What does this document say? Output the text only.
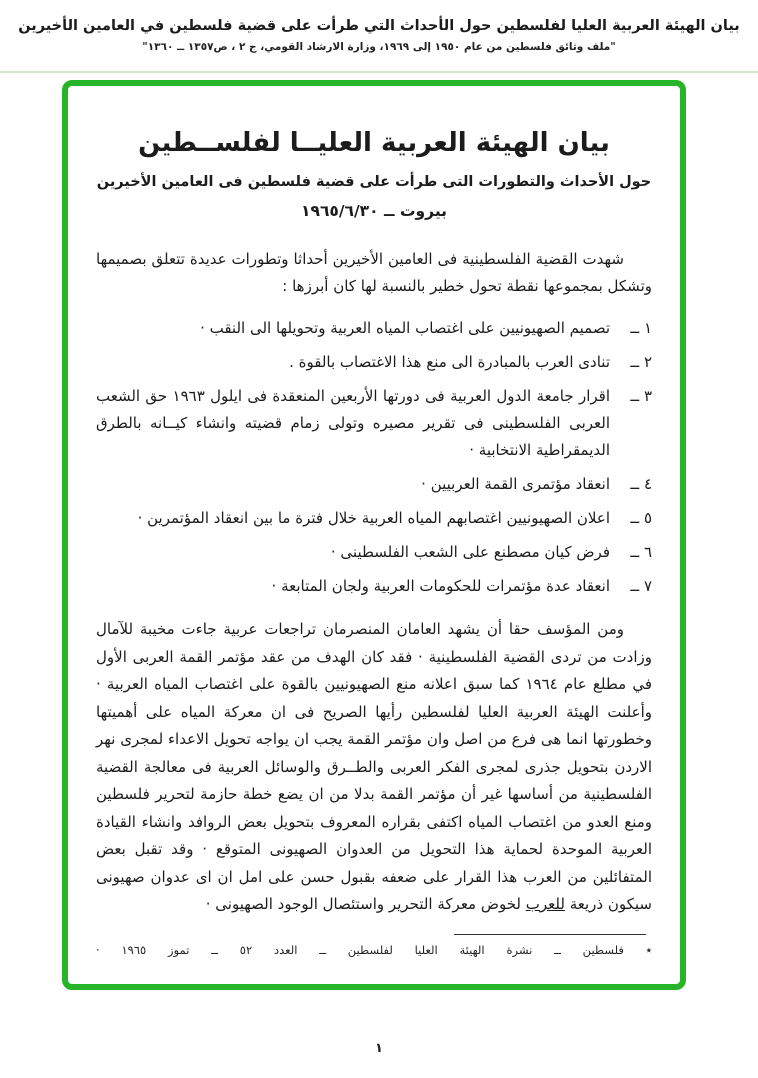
بيان الهيئة العربية العليا لفلسطين حول الأحداث التي طرأت على قضية فلسطين في العامين الأخيرين
"ملف وثائق فلسطين من عام ١٩٥٠ إلى ١٩٦٩، وزارة الارشاد القومي، ج ٢ ، ص١٣٥٧ ــ ١٣٦٠"
بيان الهيئة العربية العليــا لفلســطين
حول الأحداث والتطورات التى طرأت على قضية فلسطين فى العامين الأخيرين
بيروت ــ ١٩٦٥/٦/٣٠

شهدت القضية الفلسطينية فى العامين الأخيرين أحداثا وتطورات عديدة تتعلق بصميمها وتشكل بمجموعها نقطة تحول خطير بالنسبة لها كان أبرزها :

١ ــ
تصميم الصهيونيين على اغتصاب المياه العربية وتحويلها الى النقب ·
٢ ــ
تنادى العرب بالمبادرة الى منع هذا الاغتصاب بالقوة .
٣ ــ
اقرار جامعة الدول العربية فى دورتها الأربعين المنعقدة فى ايلول ١٩٦٣ حق الشعب العربى الفلسطينى فى تقرير مصيره وتولى زمام قضيته وانشاء كيــانه بالطرق الديمقراطية الانتخابية ·
٤ ــ
انعقاد مؤتمرى القمة العربيين ·
٥ ــ
اعلان الصهيونيين اغتصابهم المياه العربية خلال فترة ما بين انعقاد المؤتمرين ·
٦ ــ
فرض كيان مصطنع على الشعب الفلسطينى ·
٧ ــ
انعقاد عدة مؤتمرات للحكومات العربية ولجان المتابعة ·

ومن المؤسف حقا أن يشهد العامان المنصرمان تراجعات عربية جاءت مخيبة للآمال وزادت من تردى القضية الفلسطينية · فقد كان الهدف من عقد مؤتمر القمة العربى الأول في مطلع عام ١٩٦٤ كما سبق اعلانه منع الصهيونيين بالقوة على اغتصاب المياه العربية · وأعلنت الهيئة العربية العليا لفلسطين رأيها الصريح فى ان معركة المياه على أهميتها وخطورتها انما هى فرع من اصل وان مؤتمر القمة يجب ان يواجه تحويل الاعداء لمجرى نهر الاردن بتحويل جذرى لمجرى الفكر العربى والطــرق والوسائل العربية فى معالجة القضية الفلسطينية من أساسها غير أن مؤتمر القمة بدلا من ان يضع خطة حازمة لتحرير فلسطين ومنع العدو من اغتصاب المياه اكتفى بقراره المعروف بتحويل بعض الروافد وانشاء القيادة العربية الموحدة لحماية هذا التحويل من العدوان الصهيونى المتوقع · وقد تقبل بعض المتفائلين من العرب هذا القرار على ضعفه بقبول حسن على امل ان اى عدوان صهيونى سيكون ذريعة للعرب لخوض معركة التحرير واستئصال الوجود الصهيونى ·

٭ فلسطين ــ نشرة الهيئة العليا لفلسطين ــ العدد ٥٢ ــ تموز ١٩٦٥ ·
١
